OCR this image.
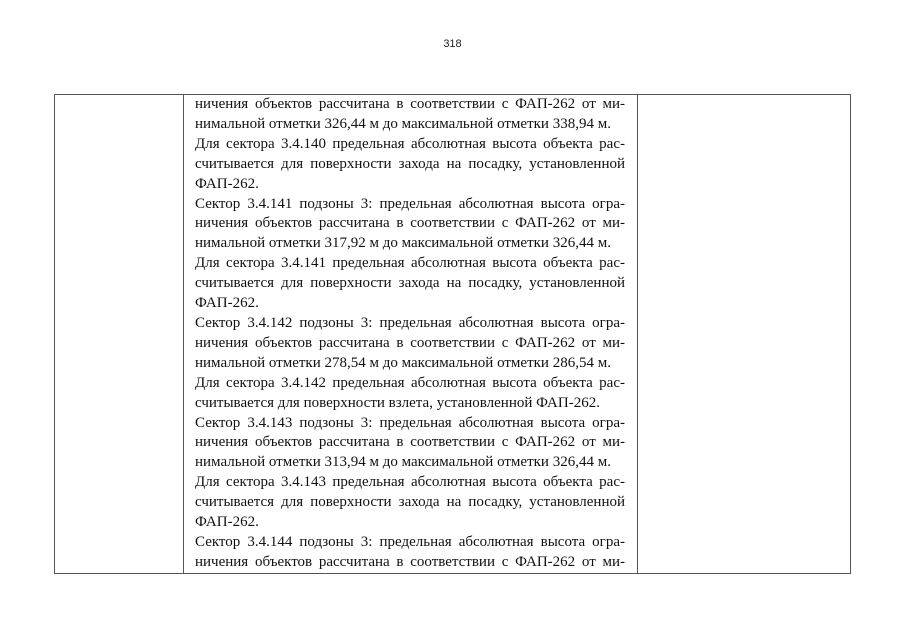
318

ничения объектов рассчитана в соответствии с ФАП-262 от ми-

нимальной отметки 326,44 м до максимальной отметки 338,94 м.

Для сектора 3.4.140 предельная абсолютная высота объекта рас-

считывается для поверхности захода на посадку, установленной

ФАП-262.

Сектор 3.4.141 подзоны 3: предельная абсолютная высота огра-

ничения объектов рассчитана в соответствии с ФАП-262 от ми-

нимальной отметки 317,92 м до максимальной отметки 326,44 м.

Для сектора 3.4.141 предельная абсолютная высота объекта рас-

считывается для поверхности захода на посадку, установленной

ФАП-262.

Сектор 3.4.142 подзоны 3: предельная абсолютная высота огра-

ничения объектов рассчитана в соответствии с ФАП-262 от ми-

нимальной отметки 278,54 м до максимальной отметки 286,54 м.

Для сектора 3.4.142 предельная абсолютная высота объекта рас-

считывается для поверхности взлета, установленной ФАП-262.

Сектор 3.4.143 подзоны 3: предельная абсолютная высота огра-

ничения объектов рассчитана в соответствии с ФАП-262 от ми-

нимальной отметки 313,94 м до максимальной отметки 326,44 м.

Для сектора 3.4.143 предельная абсолютная высота объекта рас-

считывается для поверхности захода на посадку, установленной

ФАП-262.

Сектор 3.4.144 подзоны 3: предельная абсолютная высота огра-

ничения объектов рассчитана в соответствии с ФАП-262 от ми-
